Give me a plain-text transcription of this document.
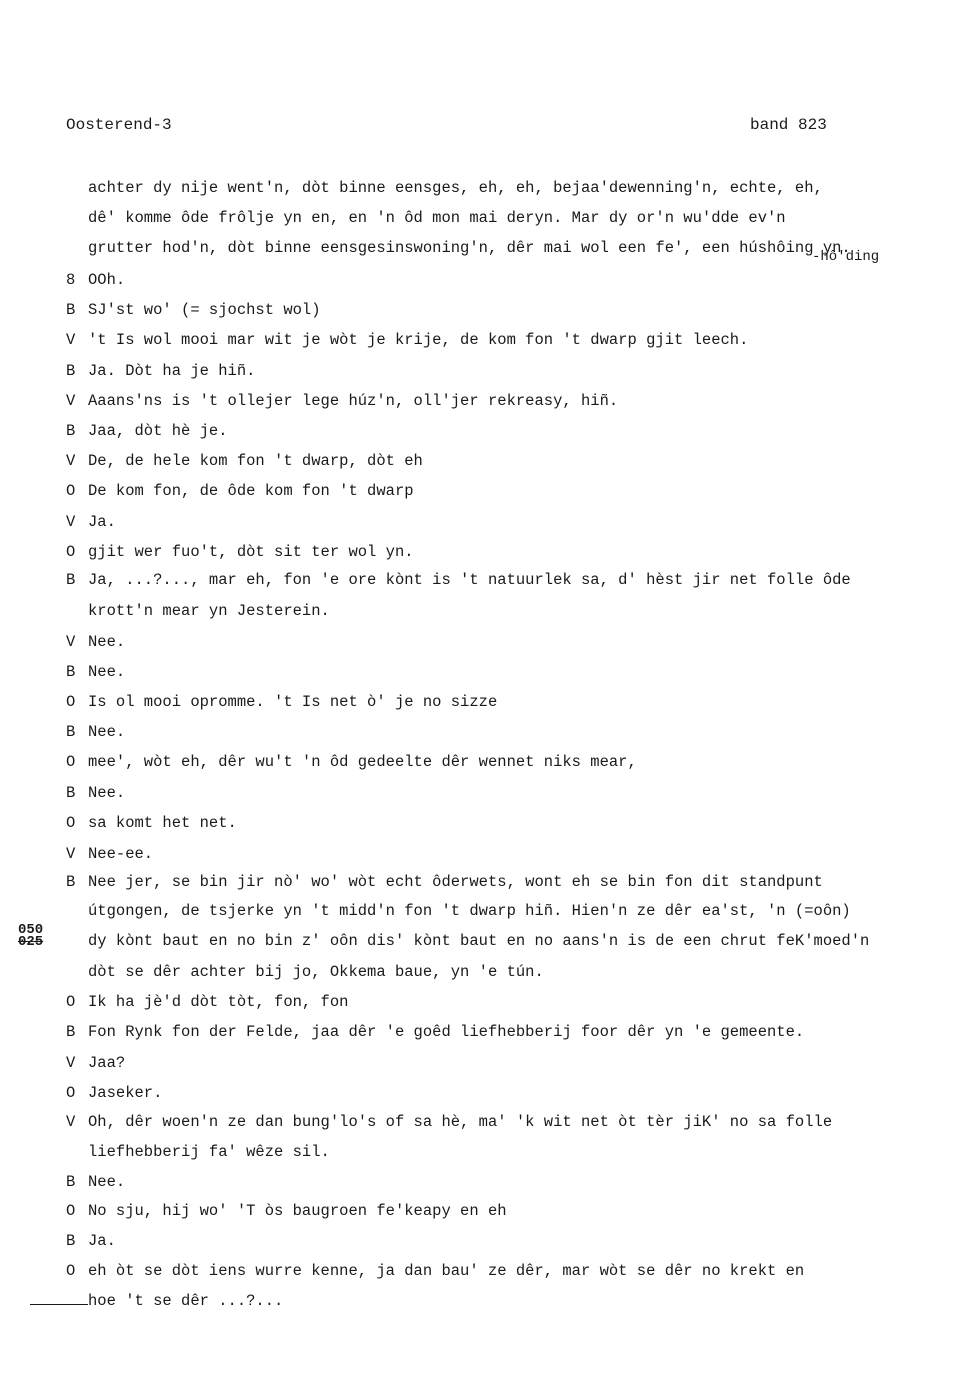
Oosterend-3	band 823
-hô'ding
050
025
achter dy nije went'n, dòt binne eensges, eh, eh, bejaa'dewenning'n, echte, eh,
dê' komme ôde frôlje yn en, en 'n ôd mon mai deryn. Mar dy or'n wu'dde ev'n
grutter hod'n, dòt binne eensgesinswoning'n, dêr mai wol een fe', een húshôing yn.
8 OOh.
B SJ'st wo' (= sjochst wol)
V 't Is wol mooi mar wit je wòt je krije, de kom fon 't dwarp gjit leech.
B Ja. Dòt ha je hiñ.
V Aaans'ns is 't ollejer lege húz'n, oll'jer rekreasy, hiñ.
B Jaa, dòt hè je.
V De, de hele kom fon 't dwarp, dòt eh
O De kom fon, de ôde kom fon 't dwarp
V Ja.
O gjit wer fuo't, dòt sit ter wol yn.
B Ja, ...?..., mar eh, fon 'e ore kònt is 't natuurlek sa, d' hèst jir net folle ôde
krott'n mear yn Jesterein.
V Nee.
B Nee.
O Is ol mooi opromme. 't Is net ò' je no sizze
B Nee.
O mee', wòt eh, dêr wu't 'n ôd gedeelte dêr wennet niks mear,
B Nee.
O sa komt het net.
V Nee-ee.
B Nee jer, se bin jir nò' wo' wòt echt ôderwets, wont eh se bin fon dit standpunt
útgongen, de tsjerke yn 't midd'n fon 't dwarp hiñ. Hien'n ze dêr ea'st, 'n (=oôn)
dy kònt baut en no bin z' oôn dis' kònt baut en no aans'n is de een chrut feK'moed'n
dòt se dêr achter bij jo, Okkema baue, yn 'e tún.
O Ik ha jè'd dòt tòt, fon, fon
B Fon Rynk fon der Felde, jaa dêr 'e goêd liefhebberij foor dêr yn 'e gemeente.
V Jaa?
O Jaseker.
V Oh, dêr woen'n ze dan bung'lo's of sa hè, ma' 'k wit net òt tèr jiK' no sa folle
liefhebberij fa' wêze sil.
B Nee.
O No sju, hij wo' 'T òs baugroen fe'keapy en eh
B Ja.
O eh òt se dòt iens wurre kenne, ja dan bau' ze dêr, mar wòt se dêr no krekt en
hoe 't se dêr ...?...
